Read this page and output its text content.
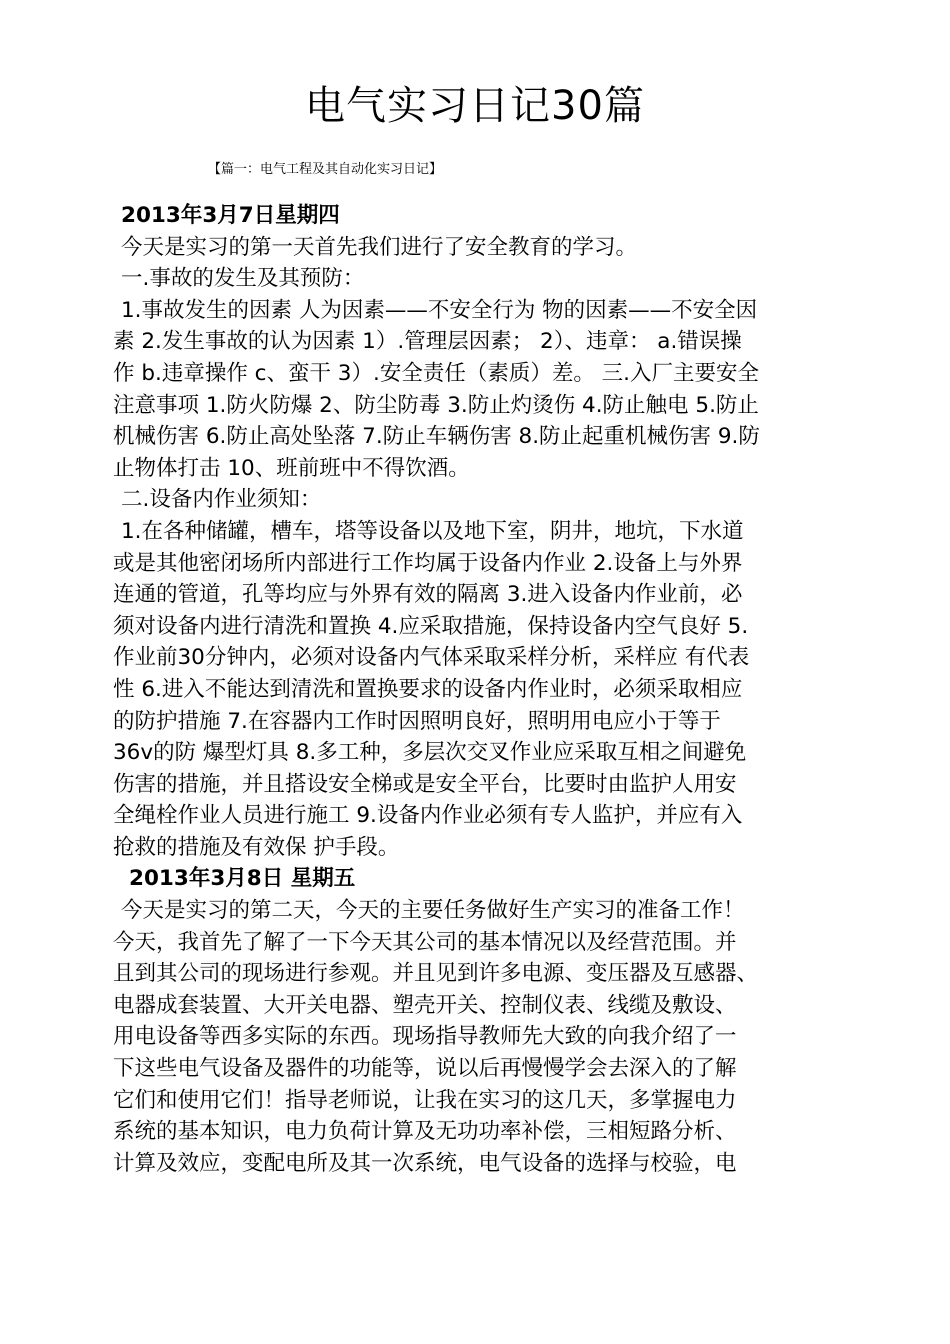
电气实习日记30篇
【篇一：电气工程及其自动化实习日记】
2013年3月7日星期四
今天是实习的第一天首先我们进行了安全教育的学习。
一.事故的发生及其预防：
1.事故发生的因素 人为因素——不安全行为 物的因素——不安全因
素 2.发生事故的认为因素 1）.管理层因素； 2）、违章： a.错误操
作 b.违章操作 c、蛮干 3）.安全责任（素质）差。 三.入厂主要安全
注意事项 1.防火防爆 2、防尘防毒 3.防止灼烫伤 4.防止触电 5.防止
机械伤害 6.防止高处坠落 7.防止车辆伤害 8.防止起重机械伤害 9.防
止物体打击 10、班前班中不得饮酒。
二.设备内作业须知：
1.在各种储罐，槽车，塔等设备以及地下室，阴井，地坑，下水道
或是其他密闭场所内部进行工作均属于设备内作业 2.设备上与外界
连通的管道，孔等均应与外界有效的隔离 3.进入设备内作业前，必
须对设备内进行清洗和置换 4.应采取措施，保持设备内空气良好 5.
作业前30分钟内，必须对设备内气体采取采样分析，采样应 有代表
性 6.进入不能达到清洗和置换要求的设备内作业时，必须采取相应
的防护措施 7.在容器内工作时因照明良好，照明用电应小于等于
36v的防 爆型灯具 8.多工种，多层次交叉作业应采取互相之间避免
伤害的措施，并且搭设安全梯或是安全平台，比要时由监护人用安
全绳栓作业人员进行施工 9.设备内作业必须有专人监护，并应有入
抢救的措施及有效保 护手段。
2013年3月8日 星期五
今天是实习的第二天，今天的主要任务做好生产实习的准备工作！
今天，我首先了解了一下今天其公司的基本情况以及经营范围。并
且到其公司的现场进行参观。并且见到许多电源、变压器及互感器、
电器成套装置、大开关电器、塑壳开关、控制仪表、线缆及敷设、
用电设备等西多实际的东西。现场指导教师先大致的向我介绍了一
下这些电气设备及器件的功能等，说以后再慢慢学会去深入的了解
它们和使用它们！指导老师说，让我在实习的这几天，多掌握电力
系统的基本知识，电力负荷计算及无功功率补偿，三相短路分析、
计算及效应，变配电所及其一次系统，电气设备的选择与校验，电
